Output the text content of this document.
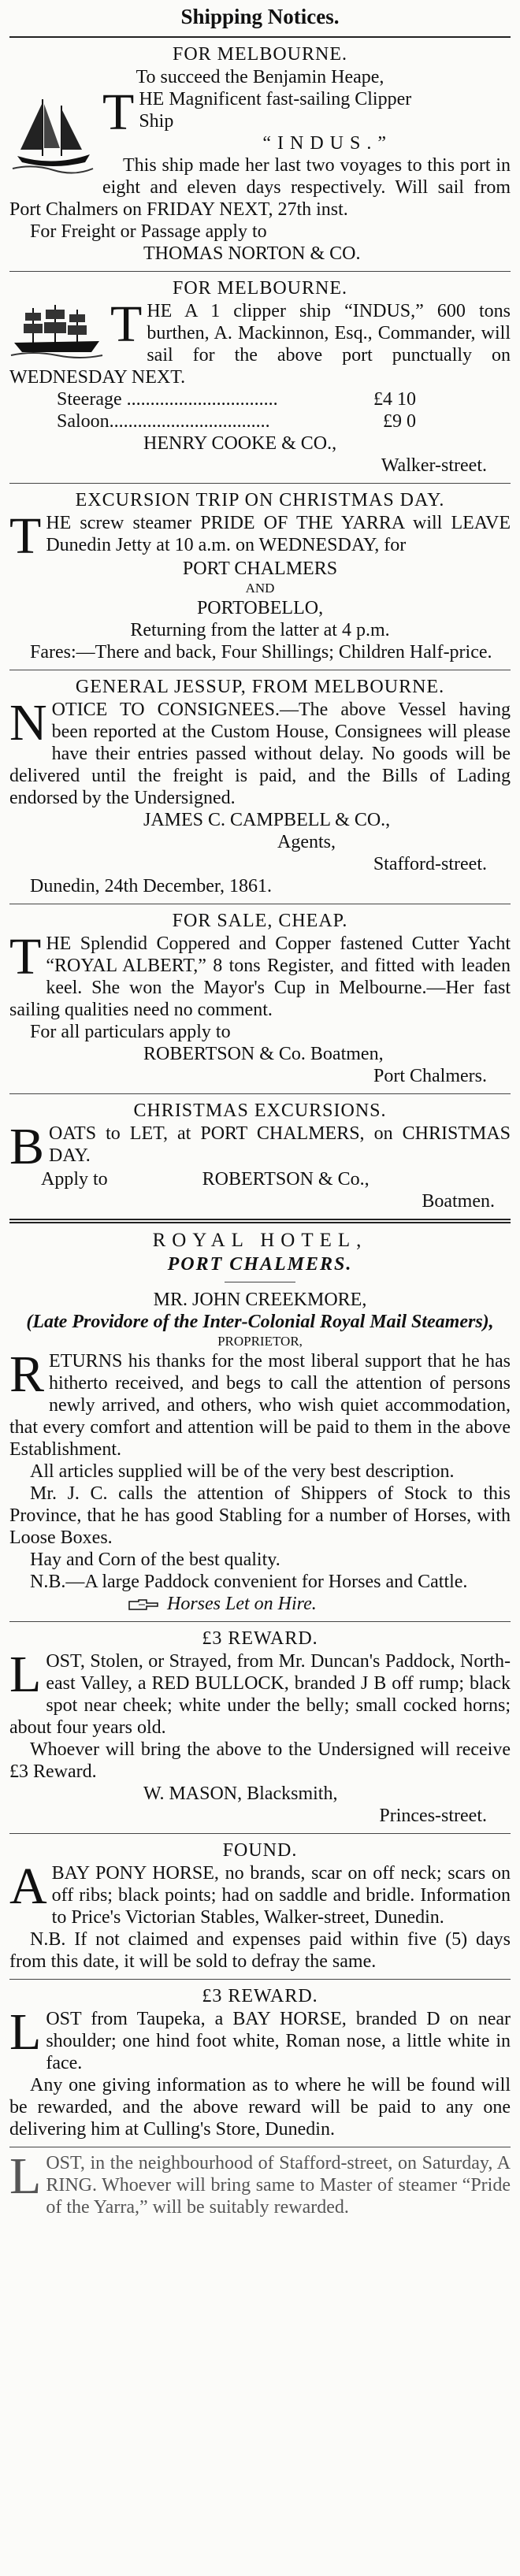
Shipping Notices.

FOR MELBOURNE.

To succeed the Benjamin Heape,

THE Magnificent fast-sailing Clipper

Ship

“ I N D U S . ”

This ship made her last two voyages to this port in eight and eleven days respectively. Will sail from Port Chalmers on FRIDAY NEXT, 27th inst.

For Freight or Passage apply to

THOMAS NORTON & CO.

FOR MELBOURNE.

THE A 1 clipper ship “INDUS,” 600 tons burthen, A. Mackinnon, Esq., Commander, will sail for the above port punctually on WEDNESDAY NEXT.

Steerage ................................	£4 10
Saloon..................................	£9 0

HENRY COOKE & CO.,

Walker-street.

EXCURSION TRIP ON CHRISTMAS DAY.

THE screw steamer PRIDE OF THE YARRA will LEAVE Dunedin Jetty at 10 a.m. on WEDNESDAY, for

PORT CHALMERS

AND

PORTOBELLO,

Returning from the latter at 4 p.m.

Fares:—There and back, Four Shillings; Children Half-price.

GENERAL JESSUP, FROM MELBOURNE.

NOTICE TO CONSIGNEES.—The above Vessel having been reported at the Custom House, Consignees will please have their entries passed without delay. No goods will be delivered until the freight is paid, and the Bills of Lading endorsed by the Undersigned.

JAMES C. CAMPBELL & CO.,

Agents,

Stafford-street.

Dunedin, 24th December, 1861.

FOR SALE, CHEAP.

THE Splendid Coppered and Copper fastened Cutter Yacht “ROYAL ALBERT,” 8 tons Register, and fitted with leaden keel. She won the Mayor's Cup in Melbourne.—Her fast sailing qualities need no comment.

For all particulars apply to

ROBERTSON & Co. Boatmen,

Port Chalmers.

CHRISTMAS EXCURSIONS.

BOATS to LET, at PORT CHALMERS, on CHRISTMAS DAY.

Apply to	ROBERTSON & Co.,

Boatmen.

ROYAL HOTEL,

PORT CHALMERS.

MR. JOHN CREEKMORE,

(Late Providore of the Inter-Colonial Royal Mail Steamers),

PROPRIETOR,

RETURNS his thanks for the most liberal support that he has hitherto received, and begs to call the attention of persons newly arrived, and others, who wish quiet accommodation, that every comfort and attention will be paid to them in the above Establishment.

All articles supplied will be of the very best description.

Mr. J. C. calls the attention of Shippers of Stock to this Province, that he has good Stabling for a number of Horses, with Loose Boxes.

Hay and Corn of the best quality.

N.B.—A large Paddock convenient for Horses and Cattle.

Horses Let on Hire.

£3 REWARD.

LOST, Stolen, or Strayed, from Mr. Duncan's Paddock, North-east Valley, a RED BULLOCK, branded J B off rump; black spot near cheek; white under the belly; small cocked horns; about four years old.

Whoever will bring the above to the Undersigned will receive £3 Reward.

W. MASON, Blacksmith,

Princes-street.

FOUND.

ABAY PONY HORSE, no brands, scar on off neck; scars on off ribs; black points; had on saddle and bridle. Information to Price's Victorian Stables, Walker-street, Dunedin.

N.B. If not claimed and expenses paid within five (5) days from this date, it will be sold to defray the same.

£3 REWARD.

LOST from Taupeka, a BAY HORSE, branded D on near shoulder; one hind foot white, Roman nose, a little white in face.

Any one giving information as to where he will be found will be rewarded, and the above reward will be paid to any one delivering him at Culling's Store, Dunedin.

LOST, in the neighbourhood of Stafford-street, on Saturday, A RING. Whoever will bring same to Master of steamer “Pride of the Yarra,” will be suitably rewarded.
